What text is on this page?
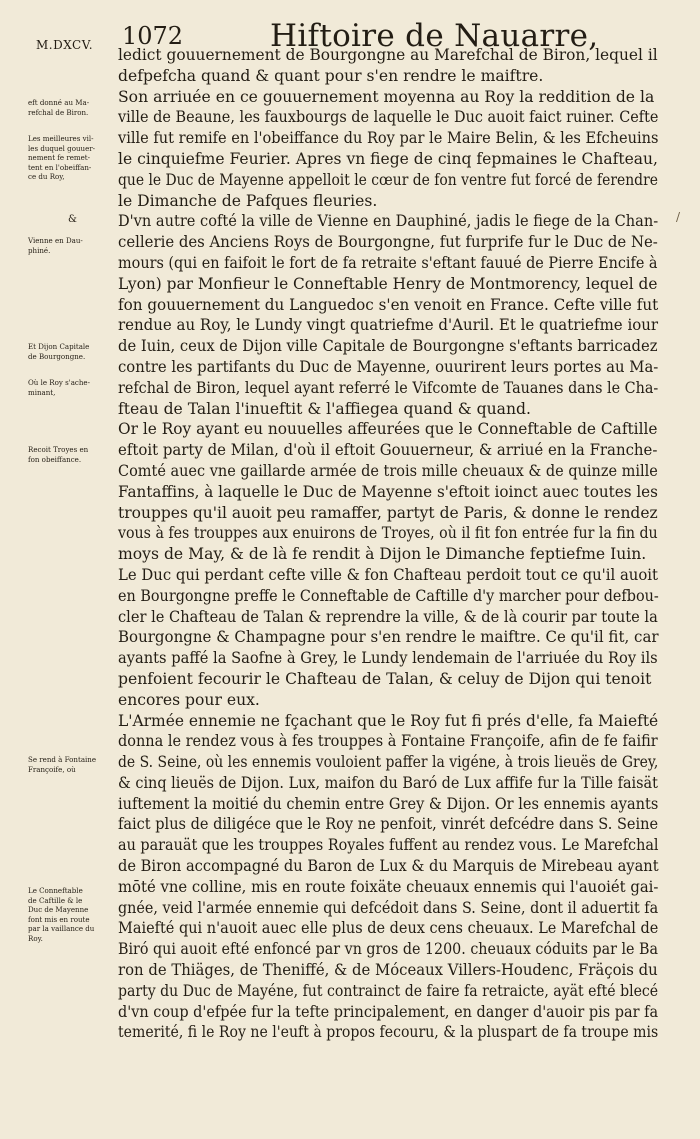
M.DXCV. 1072	Hiftoire de Nauarre,
eft donné au Ma-
refchal de Biron.
Les meilleures vil-
les duquel gouuer-
nement fe remet-
tent en l'obeiffan-
ce du Roy,
Vienne en Dau-
phiné.
Et Dijon Capitale
de Bourgongne.
Où le Roy s'ache-
minant,
Recoit Troyes en
fon obeiffance.
Se rend à Fontaine
Françoife, où
Le Conneftable
de Caftille & le
Duc de Mayenne
font mis en route
par la vaillance du
Roy.
&
ledict gouuernement de Bourgongne au Marefchal de Biron, lequel il
defpefcha quand & quant pour s'en rendre le maiftre.
Son arriuée en ce gouuernement moyenna au Roy la reddition de la
ville de Beaune, les fauxbourgs de laquelle le Duc auoit faict ruiner. Cefte
ville fut remife en l'obeiffance du Roy par le Maire Belin, & les Efcheuins
le cinquiefme Feurier. Apres vn fiege de cinq fepmaines le Chafteau,
que le Duc de Mayenne appelloit le cœur de fon ventre fut forcé de ferendre
le Dimanche de Pafques fleuries.
D'vn autre cofté la ville de Vienne en Dauphiné, jadis le fiege de la Chan-
cellerie des Anciens Roys de Bourgongne, fut furprife fur le Duc de Ne-
mours (qui en faifoit le fort de fa retraite s'eftant fauué de Pierre Encife à
Lyon) par Monfieur le Conneftable Henry de Montmorency, lequel de
fon gouuernement du Languedoc s'en venoit en France. Cefte ville fut
rendue au Roy, le Lundy vingt quatriefme d'Auril. Et le quatriefme iour
de Iuin, ceux de Dijon ville Capitale de Bourgongne s'eftants barricadez
contre les partifants du Duc de Mayenne, ouurirent leurs portes au Ma-
refchal de Biron, lequel ayant referré le Vifcomte de Tauanes dans le Cha-
fteau de Talan l'inueftit & l'affiegea quand & quand.
Or le Roy ayant eu nouuelles affeurées que le Conneftable de Caftille
eftoit party de Milan, d'où il eftoit Gouuerneur, & arriué en la Franche-
Comté auec vne gaillarde armée de trois mille cheuaux & de quinze mille
Fantaffins, à laquelle le Duc de Mayenne s'eftoit ioinct auec toutes les
trouppes qu'il auoit peu ramaffer, partyt de Paris, & donne le rendez
vous à fes trouppes aux enuirons de Troyes, où il fit fon entrée fur la fin du
moys de May, & de là fe rendit à Dijon le Dimanche feptiefme Iuin.
Le Duc qui perdant cefte ville & fon Chafteau perdoit tout ce qu'il auoit
en Bourgongne preffe le Conneftable de Caftille d'y marcher pour defbou-
cler le Chafteau de Talan & reprendre la ville, & de là courir par toute la
Bourgongne & Champagne pour s'en rendre le maiftre. Ce qu'il fit, car
ayants paffé la Saofne à Grey, le Lundy lendemain de l'arriuée du Roy ils
penfoient fecourir le Chafteau de Talan, & celuy de Dijon qui tenoit
encores pour eux.
L'Armée ennemie ne fçachant que le Roy fut fi prés d'elle, fa Maiefté
donna le rendez vous à fes trouppes à Fontaine Françoife, afin de fe faifir
de S. Seine, où les ennemis vouloient paffer la vigéne, à trois lieuës de Grey,
& cinq lieuës de Dijon. Lux, maifon du Baró de Lux affife fur la Tille faisät
iuftement la moitié du chemin entre Grey & Dijon. Or les ennemis ayants
faict plus de diligéce que le Roy ne penfoit, vinrét defcédre dans S. Seine
au parauät que les trouppes Royales fuffent au rendez vous. Le Marefchal
de Biron accompagné du Baron de Lux & du Marquis de Mirebeau ayant
mōté vne colline, mis en route foixäte cheuaux ennemis qui l'auoiét gai-
gnée, veid l'armée ennemie qui defcédoit dans S. Seine, dont il aduertit fa
Maiefté qui n'auoit auec elle plus de deux cens cheuaux. Le Marefchal de
Biró qui auoit efté enfoncé par vn gros de 1200. cheuaux códuits par le Ba
ron de Thiäges, de Theniffé, & de Móceaux Villers-Houdenc, Fräçois du
party du Duc de Mayéne, fut contrainct de faire fa retraicte, ayät efté blecé
d'vn coup d'efpée fur la tefte principalement, en danger d'auoir pis par fa
temerité, fi le Roy ne l'euft à propos fecouru, & la pluspart de fa troupe mis
/
